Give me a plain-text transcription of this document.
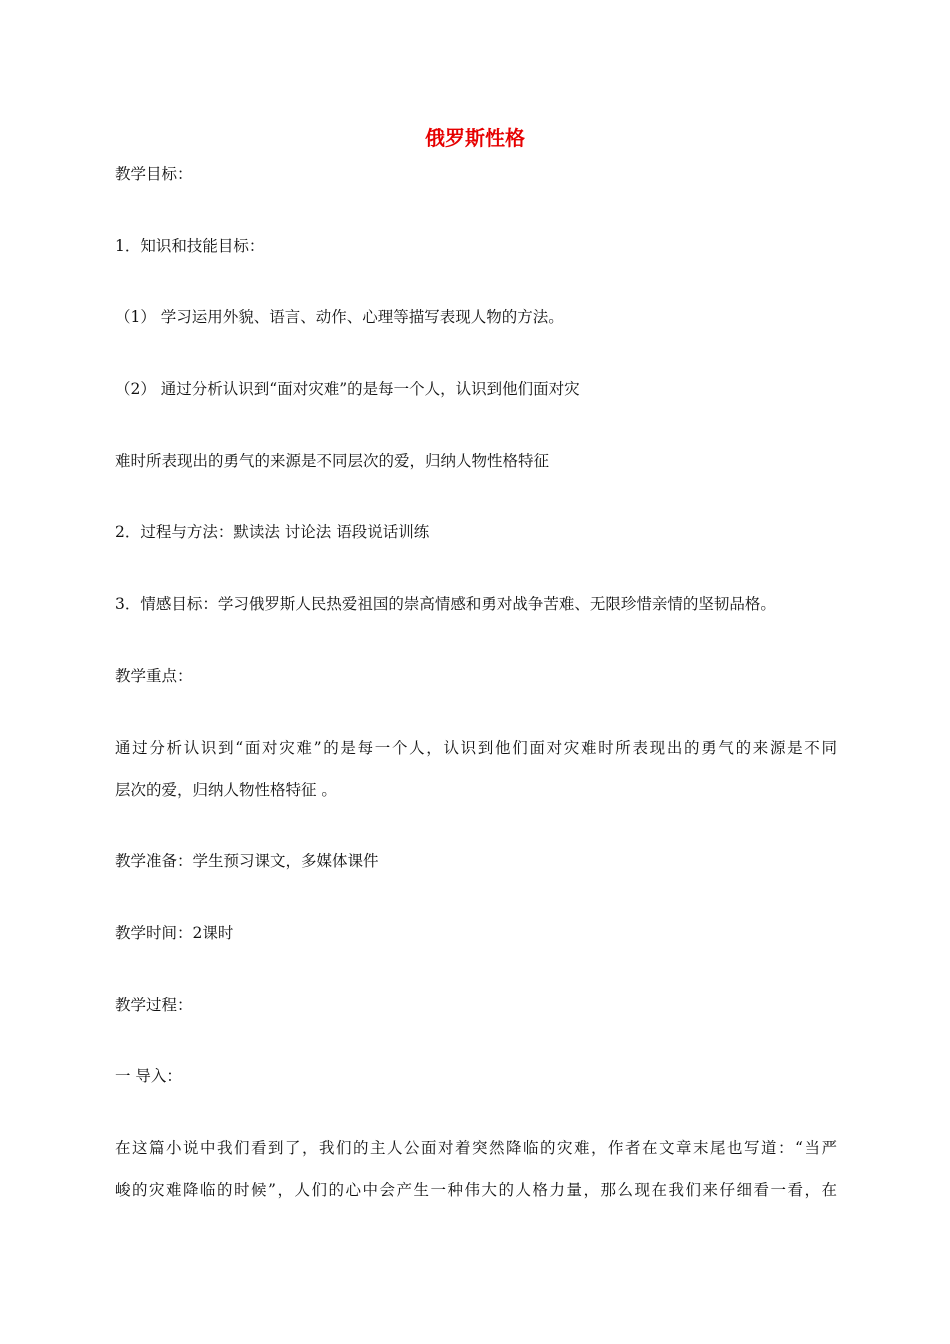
俄罗斯性格
教学目标：
1．知识和技能目标：
（1） 学习运用外貌、语言、动作、心理等描写表现人物的方法。
（2） 通过分析认识到“面对灾难”的是每一个人，认识到他们面对灾
难时所表现出的勇气的来源是不同层次的爱，归纳人物性格特征
2．过程与方法：默读法 讨论法 语段说话训练
3．情感目标：学习俄罗斯人民热爱祖国的崇高情感和勇对战争苦难、无限珍惜亲情的坚韧品格。
教学重点：
通过分析认识到“面对灾难”的是每一个人，认识到他们面对灾难时所表现出的勇气的来源是不同
层次的爱，归纳人物性格特征 。
教学准备：学生预习课文，多媒体课件
教学时间：2课时
教学过程：
一 导入：
在这篇小说中我们看到了，我们的主人公面对着突然降临的灾难，作者在文章末尾也写道：“当严
峻的灾难降临的时候”，人们的心中会产生一种伟大的人格力量，那么现在我们来仔细看一看，在
